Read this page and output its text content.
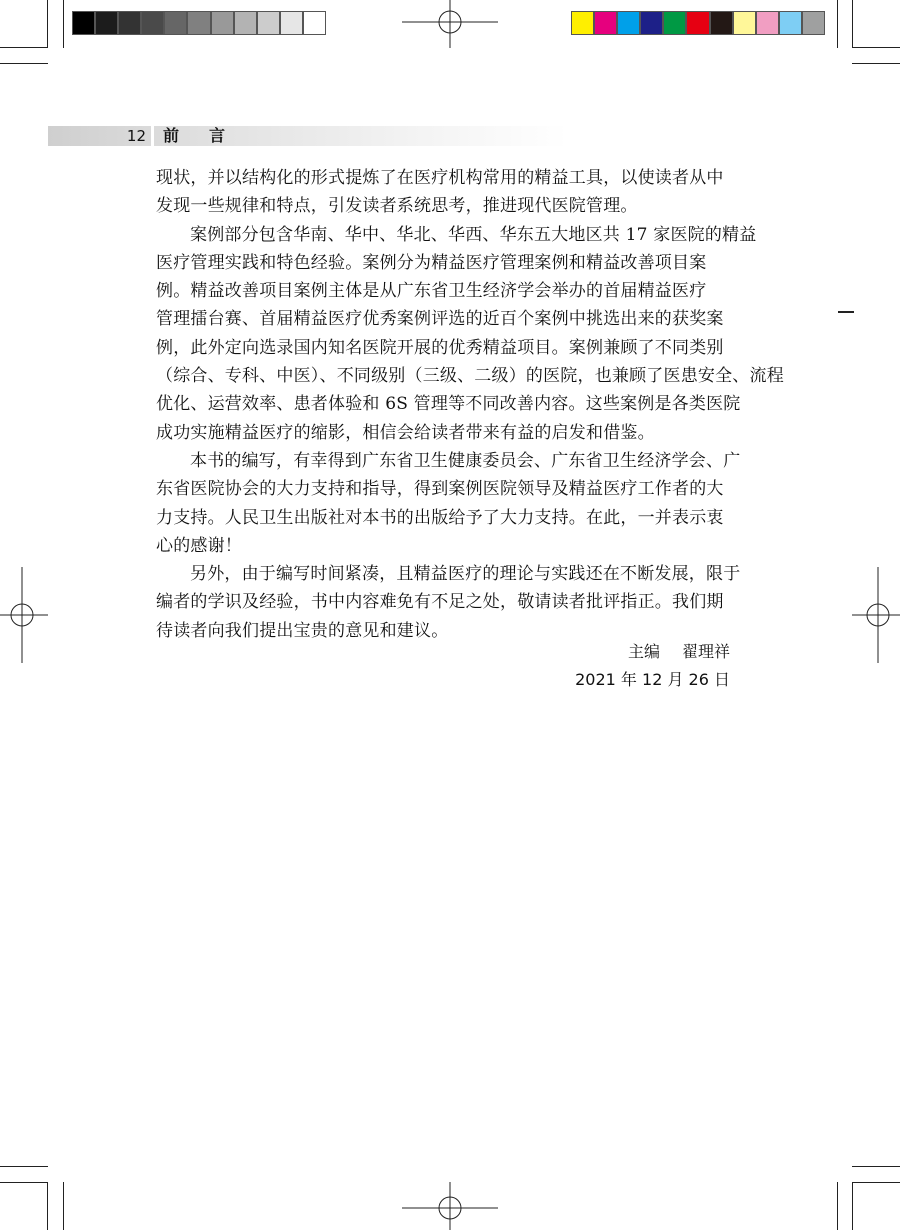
12 前言
现状，并以结构化的形式提炼了在医疗机构常用的精益工具，以使读者从中
发现一些规律和特点，引发读者系统思考，推进现代医院管理。
案例部分包含华南、华中、华北、华西、华东五大地区共 17 家医院的精益
医疗管理实践和特色经验。案例分为精益医疗管理案例和精益改善项目案
例。精益改善项目案例主体是从广东省卫生经济学会举办的首届精益医疗
管理擂台赛、首届精益医疗优秀案例评选的近百个案例中挑选出来的获奖案
例，此外定向选录国内知名医院开展的优秀精益项目。案例兼顾了不同类别
（综合、专科、中医）、不同级别（三级、二级）的医院，也兼顾了医患安全、流程
优化、运营效率、患者体验和 6S 管理等不同改善内容。这些案例是各类医院
成功实施精益医疗的缩影，相信会给读者带来有益的启发和借鉴。
本书的编写，有幸得到广东省卫生健康委员会、广东省卫生经济学会、广
东省医院协会的大力支持和指导，得到案例医院领导及精益医疗工作者的大
力支持。人民卫生出版社对本书的出版给予了大力支持。在此，一并表示衷
心的感谢！
另外，由于编写时间紧凑，且精益医疗的理论与实践还在不断发展，限于
编者的学识及经验，书中内容难免有不足之处，敬请读者批评指正。我们期
待读者向我们提出宝贵的意见和建议。
主编 翟理祥
2021 年 12 月 26 日
